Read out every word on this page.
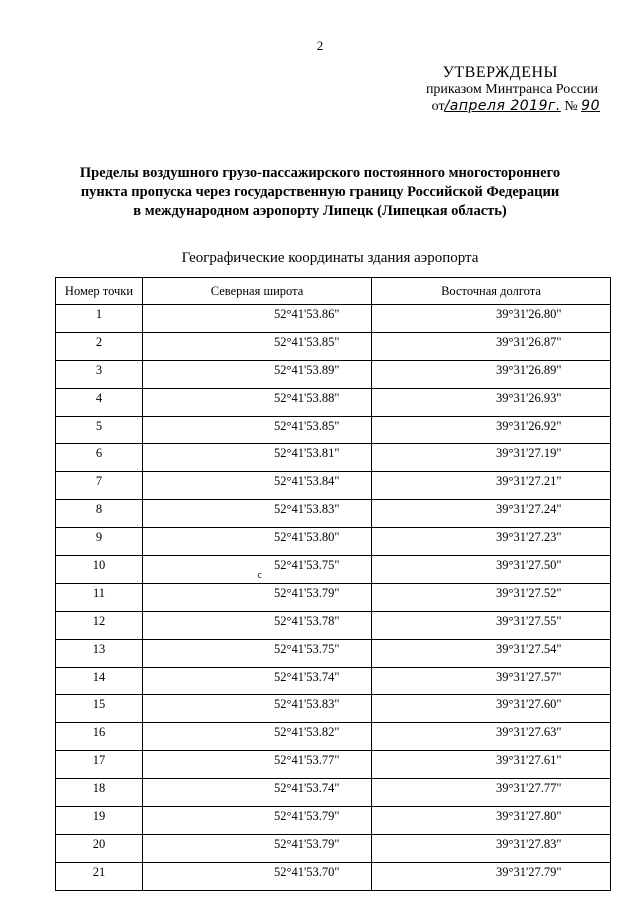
2
УТВЕРЖДЕНЫ
приказом Минтранса России
от/апреля 2019г. № 90
Пределы воздушного грузо-пассажирского постоянного многостороннего
пункта пропуска через государственную границу Российской Федерации
в международном аэропорту Липецк (Липецкая область)
Географические координаты здания аэропорта
Номер точки	Северная широта	Восточная долгота
1	52°41'53.86"	39°31'26.80"
2	52°41'53.85"	39°31'26.87"
3	52°41'53.89"	39°31'26.89"
4	52°41'53.88"	39°31'26.93"
5	52°41'53.85"	39°31'26.92"
6	52°41'53.81"	39°31'27.19"
7	52°41'53.84"	39°31'27.21"
8	52°41'53.83"	39°31'27.24"
9	52°41'53.80"	39°31'27.23"
10	52°41'53.75"	39°31'27.50"
11	52°41'53.79"	39°31'27.52"
12	52°41'53.78"	39°31'27.55"
13	52°41'53.75"	39°31'27.54"
14	52°41'53.74"	39°31'27.57"
15	52°41'53.83"	39°31'27.60"
16	52°41'53.82"	39°31'27.63"
17	52°41'53.77"	39°31'27.61"
18	52°41'53.74"	39°31'27.77"
19	52°41'53.79"	39°31'27.80"
20	52°41'53.79"	39°31'27.83"
21	52°41'53.70"	39°31'27.79"
ᑦ
